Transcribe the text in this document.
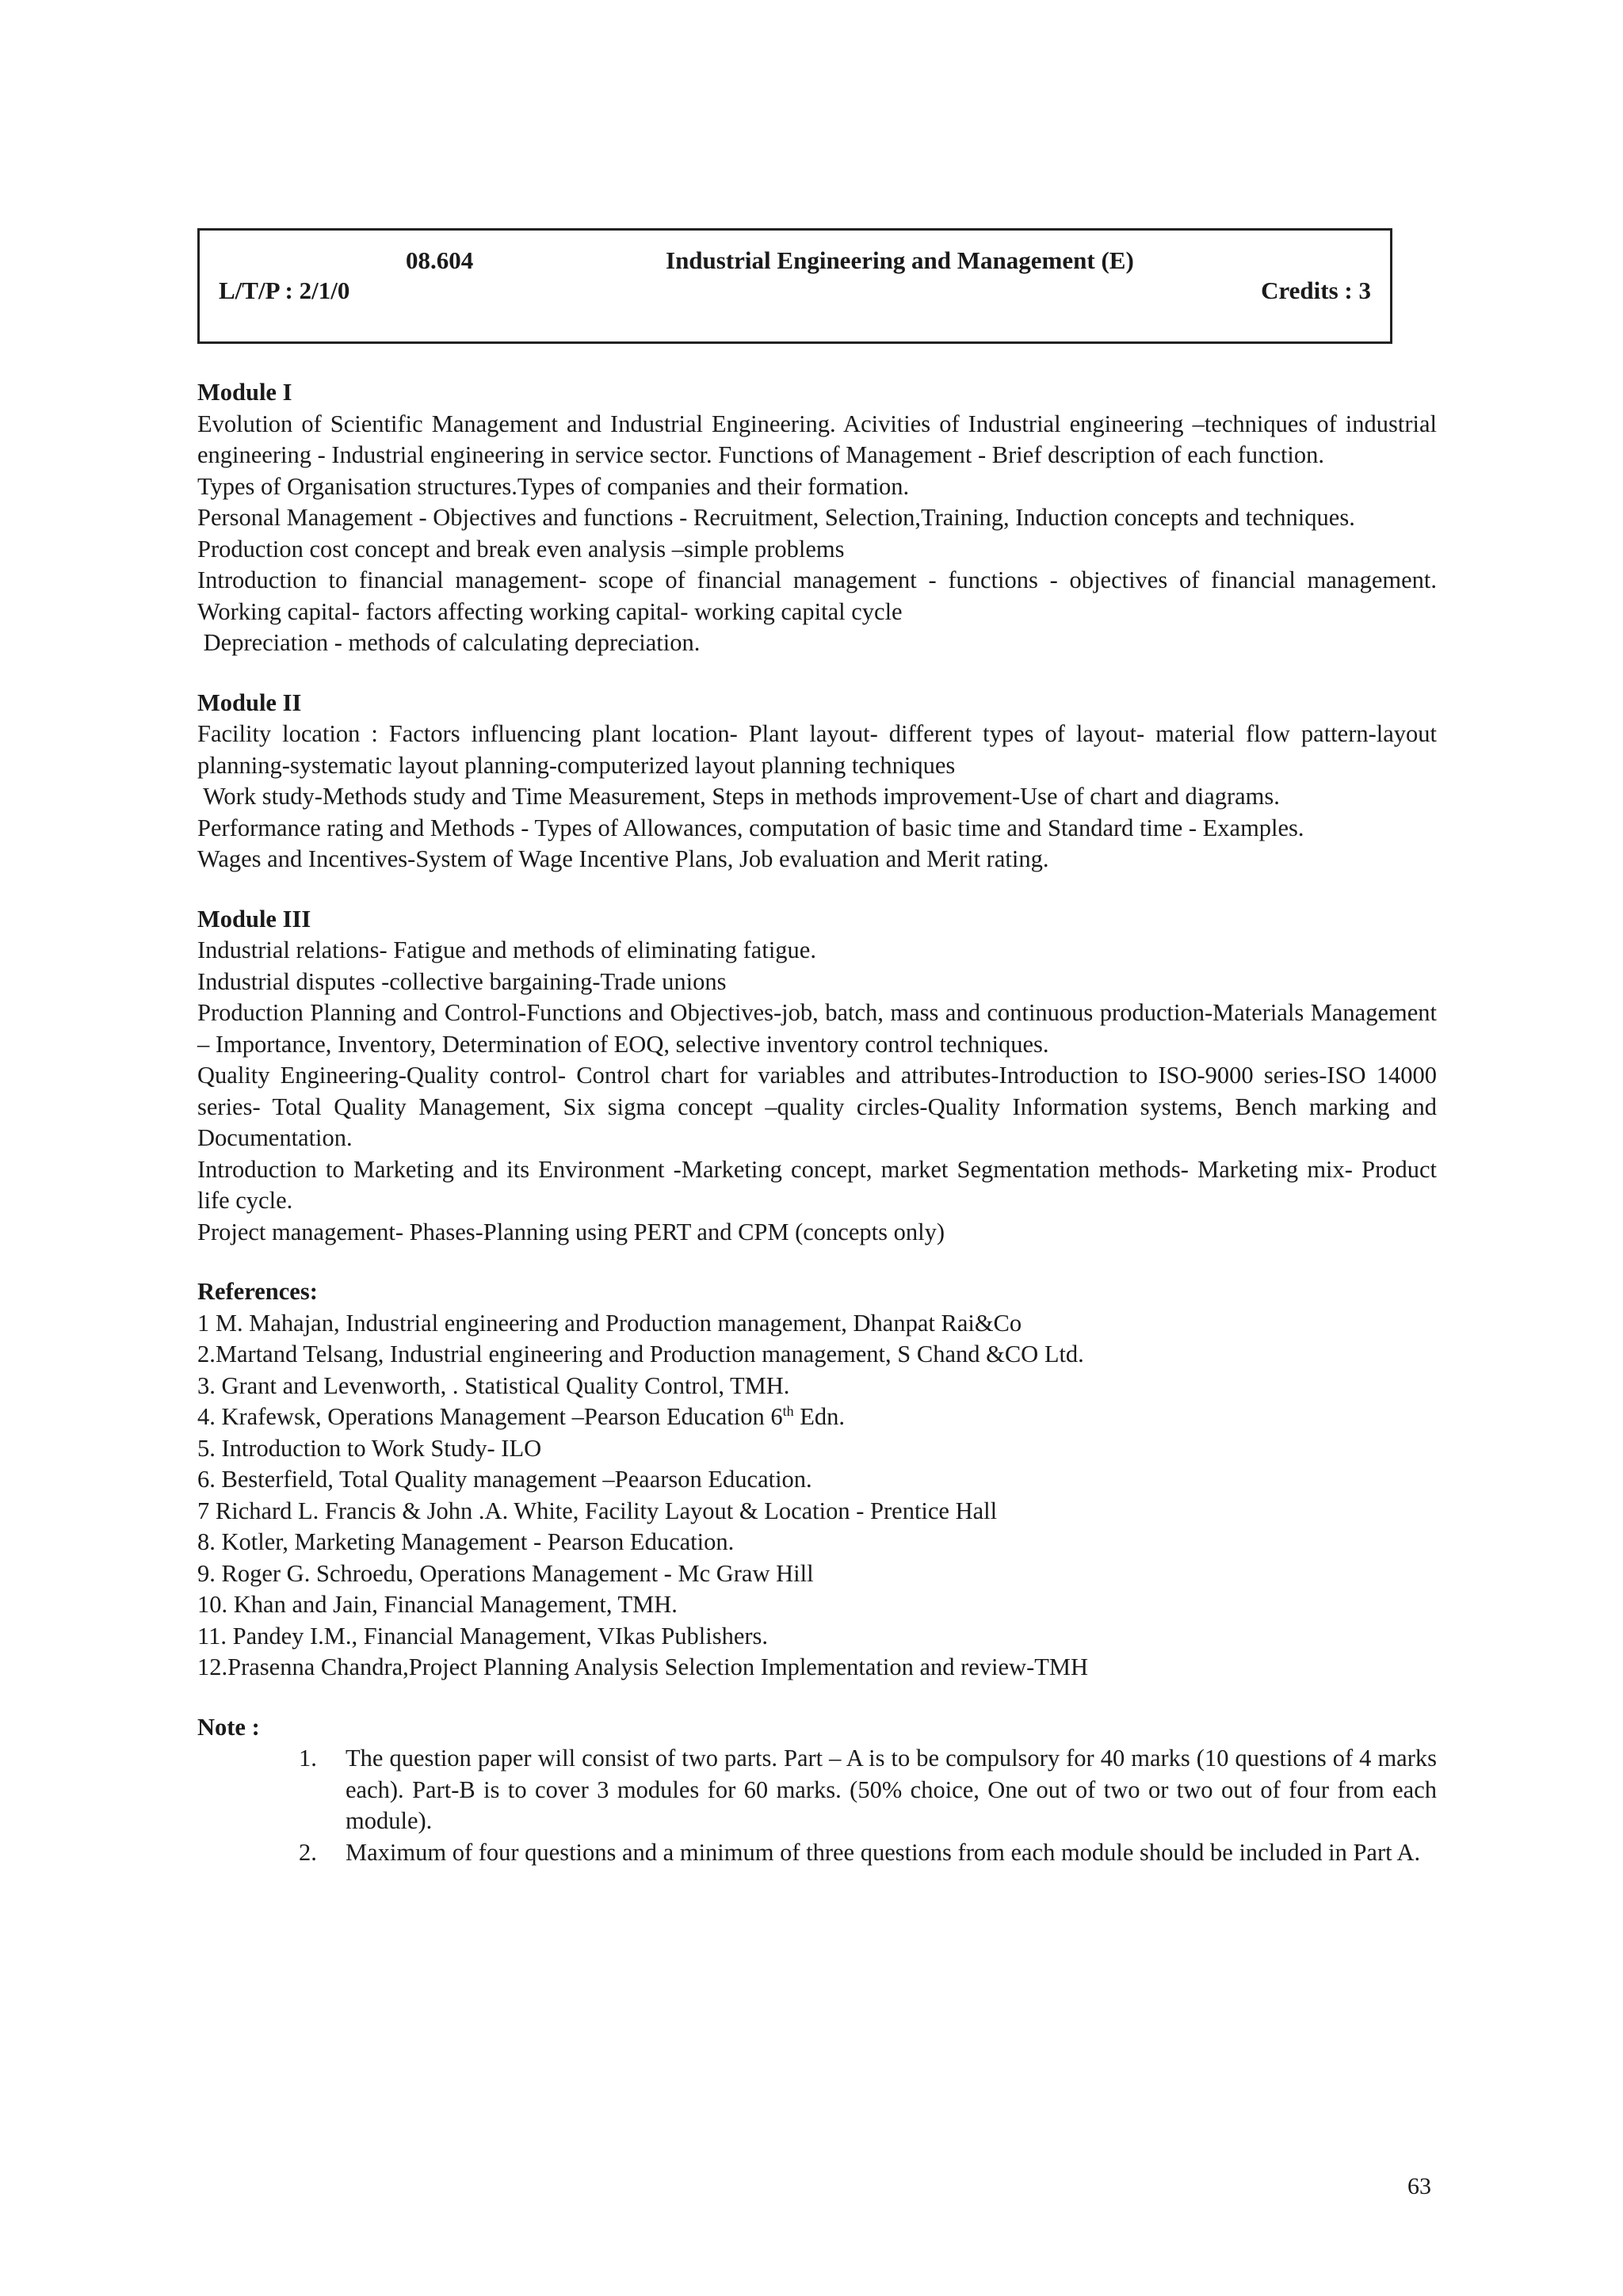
08.604	Industrial Engineering and Management (E)
L/T/P : 2/1/0	Credits : 3

Module I

Evolution of Scientific Management and Industrial Engineering. Acivities of Industrial engineering –techniques of industrial engineering - Industrial engineering in service sector. Functions of Management - Brief description of each function.

Types of Organisation structures.Types of companies and their formation.

Personal Management - Objectives and functions - Recruitment, Selection,Training, Induction concepts and techniques.

Production cost concept and break even analysis –simple problems

Introduction to financial management- scope of financial management - functions - objectives of financial management. Working capital- factors affecting working capital- working capital cycle

Depreciation - methods of calculating depreciation.

Module II

Facility location : Factors influencing plant location- Plant layout- different types of layout- material flow pattern-layout planning-systematic layout planning-computerized layout planning techniques

Work study-Methods study and Time Measurement, Steps in methods improvement-Use of chart and diagrams.

Performance rating and Methods - Types of Allowances, computation of basic time and Standard time - Examples.

Wages and Incentives-System of Wage Incentive Plans, Job evaluation and Merit rating.

Module III

Industrial relations- Fatigue and methods of eliminating fatigue.

Industrial disputes -collective bargaining-Trade unions

Production Planning and Control-Functions and Objectives-job, batch, mass and continuous production-Materials Management – Importance, Inventory, Determination of EOQ, selective inventory control techniques.

Quality Engineering-Quality control- Control chart for variables and attributes-Introduction to ISO-9000 series-ISO 14000 series- Total Quality Management, Six sigma concept –quality circles-Quality Information systems, Bench marking and Documentation.

Introduction to Marketing and its Environment -Marketing concept, market Segmentation methods- Marketing mix- Product life cycle.

Project management- Phases-Planning using PERT and CPM (concepts only)

References:

1 M. Mahajan, Industrial engineering and Production management, Dhanpat Rai&Co

2.Martand Telsang, Industrial engineering and Production management, S Chand &CO Ltd.

3. Grant and Levenworth, . Statistical Quality Control, TMH.

4. Krafewsk, Operations Management –Pearson Education 6th Edn.

5. Introduction to Work Study- ILO

6. Besterfield, Total Quality management –Peaarson Education.

7 Richard L. Francis & John .A. White, Facility Layout & Location - Prentice Hall

8. Kotler, Marketing Management - Pearson Education.

9. Roger G. Schroedu, Operations Management - Mc Graw Hill

10. Khan and Jain, Financial Management, TMH.

11. Pandey I.M., Financial Management, VIkas Publishers.

12.Prasenna Chandra,Project Planning Analysis Selection Implementation and review-TMH

Note :

1. The question paper will consist of two parts. Part – A is to be compulsory for 40 marks (10 questions of 4 marks each). Part-B is to cover 3 modules for 60 marks. (50% choice, One out of two or two out of four from each module).
2. Maximum of four questions and a minimum of three questions from each module should be included in Part A.
63
